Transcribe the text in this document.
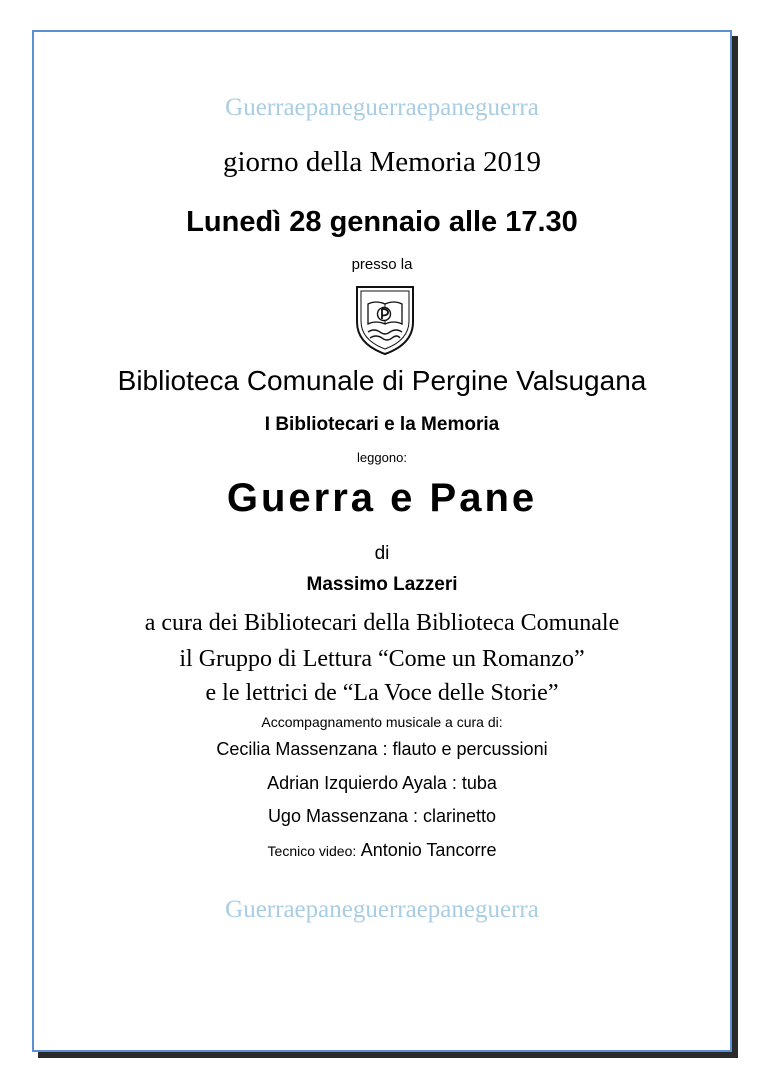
Guerraepaneguerraepaneguerra
giorno della Memoria 2019
Lunedì 28 gennaio alle 17.30
presso la
Biblioteca Comunale di Pergine Valsugana
I Bibliotecari e la Memoria
leggono:
Guerra e Pane
di
Massimo Lazzeri
a cura dei Bibliotecari della Biblioteca Comunale
il Gruppo di Lettura “Come un Romanzo”
e le lettrici de “La Voce delle Storie”
Accompagnamento musicale a cura di:
Cecilia Massenzana : flauto e percussioni
Adrian Izquierdo Ayala : tuba
Ugo Massenzana : clarinetto
Tecnico video: Antonio Tancorre
Guerraepaneguerraepaneguerra
